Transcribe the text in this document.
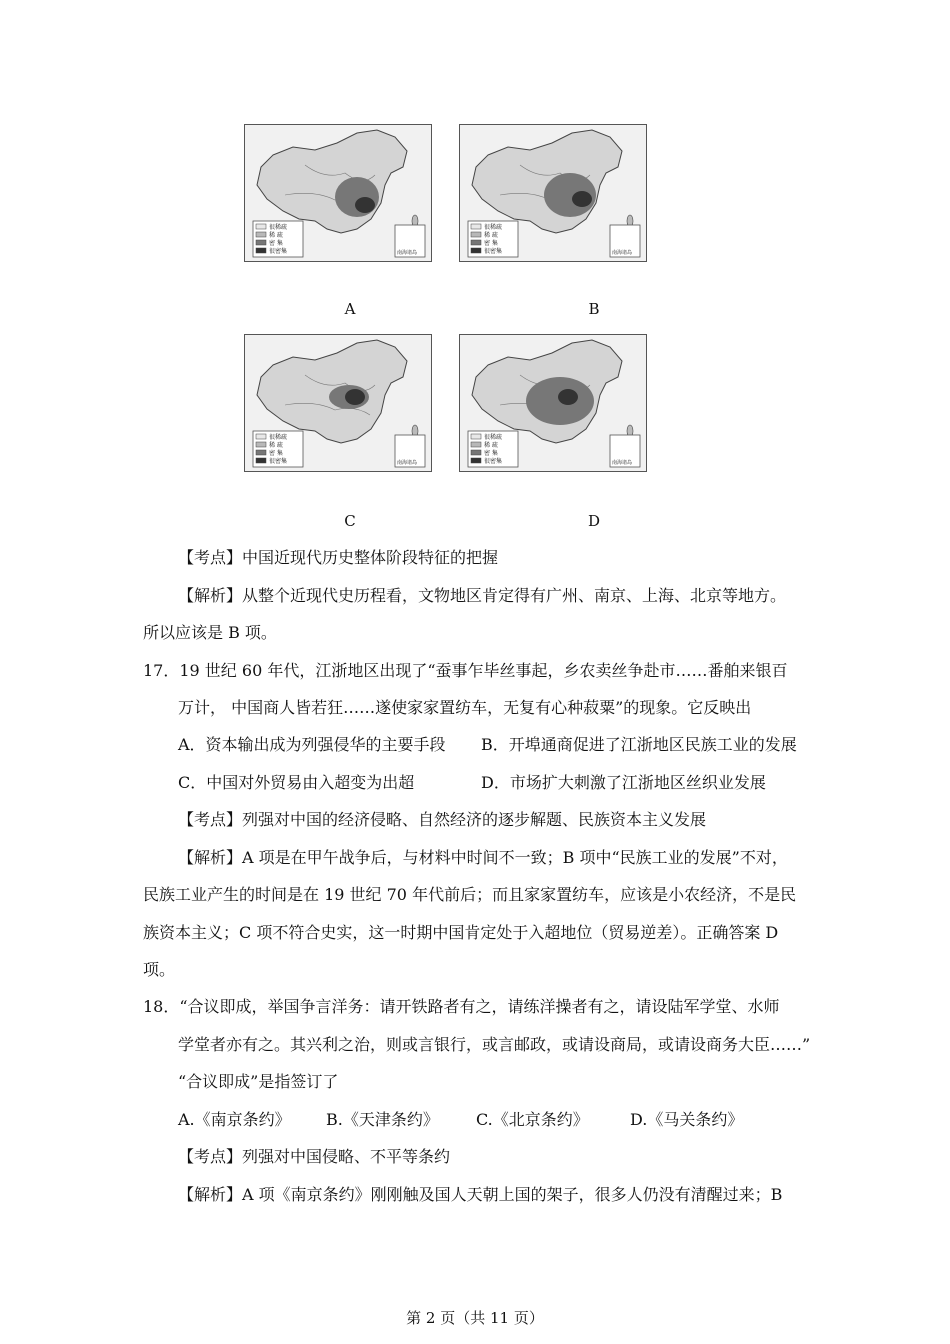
很稀疏
稀 疏
密 集
很密集	南海诸岛
很稀疏
稀 疏
密 集
很密集	南海诸岛
很稀疏
稀 疏
密 集
很密集	南海诸岛
很稀疏
稀 疏
密 集
很密集	南海诸岛
A	B
C	D
【考点】中国近现代历史整体阶段特征的把握
【解析】从整个近现代史历程看，文物地区肯定得有广州、南京、上海、北京等地方。
所以应该是 B 项。
17．19 世纪 60 年代，江浙地区出现了“蚕事乍毕丝事起，乡农卖丝争赴市……番舶来银百
万计， 中国商人皆若狂……遂使家家置纺车，无复有心种菽粟”的现象。它反映出
A．资本输出成为列强侵华的主要手段 B．开埠通商促进了江浙地区民族工业的发展
C．中国对外贸易由入超变为出超	D．市场扩大刺激了江浙地区丝织业发展
【考点】列强对中国的经济侵略、自然经济的逐步解题、民族资本主义发展
【解析】A 项是在甲午战争后，与材料中时间不一致；B 项中“民族工业的发展”不对，
民族工业产生的时间是在 19 世纪 70 年代前后；而且家家置纺车，应该是小农经济，不是民
族资本主义；C 项不符合史实，这一时期中国肯定处于入超地位（贸易逆差）。正确答案 D
项。
18．“合议即成，举国争言洋务：请开铁路者有之，请练洋操者有之，请设陆军学堂、水师
学堂者亦有之。其兴利之治，则或言银行，或言邮政，或请设商局，或请设商务大臣……”
“合议即成”是指签订了
A.《南京条约》 B.《天津条约》 C.《北京条约》	D.《马关条约》
【考点】列强对中国侵略、不平等条约
【解析】A 项《南京条约》刚刚触及国人天朝上国的架子，很多人仍没有清醒过来；B
第 2 页（共 11 页）
